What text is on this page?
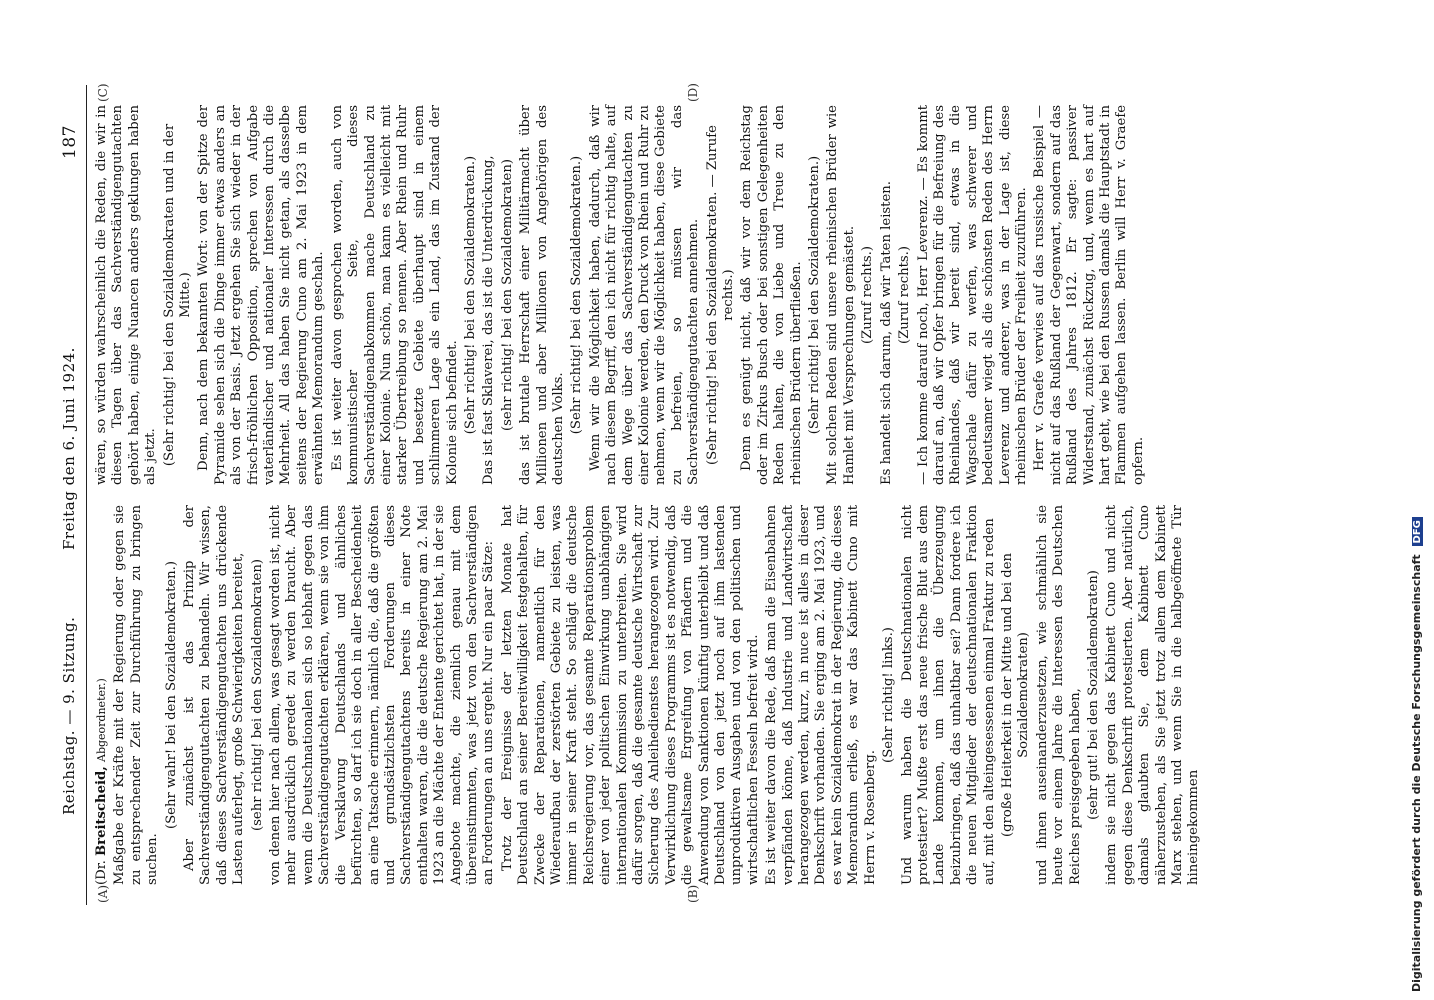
Reichstag. — 9. Sitzung.
Freitag den 6. Juni 1924.
187
(A)	(B)
(C)	(D)

(Dr. Breitscheid, Abgeordneter.) Maßgabe der Kräfte mit der Regierung oder gegen sie zu entsprechender Zeit zur Durchführung zu bringen suchen.

(Sehr wahr! bei den Sozialdemokraten.) Aber zunächst ist das Prinzip der Sachverständigengutachten zu behandeln. Wir wissen, daß dieses Sachverständigengutachten uns drückende Lasten auferlegt, große Schwierigkeiten bereitet, (sehr richtig! bei den Sozialdemokraten) von denen hier nach allem, was gesagt worden ist, nicht mehr ausdrücklich geredet zu werden braucht. Aber wenn die Deutschnationalen sich so lebhaft gegen das Sachverständigengutachten erklären, wenn sie von ihm die Versklavung Deutschlands und ähnliches befürchten, so darf ich sie doch in aller Bescheidenheit an eine Tatsache erinnern, nämlich die, daß die größten und grundsätzlichsten Forderungen dieses Sachverständigengutachtens bereits in einer Note enthalten waren, die die deutsche Regierung am 2. Mai 1923 an die Mächte der Entente gerichtet hat, in der sie Angebote machte, die ziemlich genau mit dem übereinstimmten, was jetzt von den Sachverständigen an Forderungen an uns ergeht. Nur ein paar Sätze: Trotz der Ereignisse der letzten Monate hat Deutschland an seiner Bereitwilligkeit festgehalten, für Zwecke der Reparationen, namentlich für den Wiederaufbau der zerstörten Gebiete zu leisten, was immer in seiner Kraft steht. So schlägt die deutsche Reichsregierung vor, das gesamte Reparationsproblem einer von jeder politischen Einwirkung unabhängigen internationalen Kommission zu unterbreiten. Sie wird dafür sorgen, daß die gesamte deutsche Wirtschaft zur Sicherung des Anleihedienstes herangezogen wird. Zur Verwirklichung dieses Programms ist es notwendig, daß die gewaltsame Ergreifung von Pfändern und die Anwendung von Sanktionen künftig unterbleibt und daß Deutschland von den jetzt noch auf ihm lastenden unproduktiven Ausgaben und von den politischen und wirtschaftlichen Fesseln befreit wird. Es ist weiter davon die Rede, daß man die Eisenbahnen verpfänden könne, daß Industrie und Landwirtschaft herangezogen werden, kurz, in nuce ist alles in dieser Denkschrift vorhanden. Sie erging am 2. Mai 1923, und es war kein Sozialdemokrat in der Regierung, die dieses Memorandum erließ, es war das Kabinett Cuno mit Herrn v. Rosenberg.

(Sehr richtig! links.) Und warum haben die Deutschnationalen nicht protestiert? Mußte erst das neue frische Blut aus dem Lande kommen, um ihnen die Überzeugung beizubringen, daß das unhaltbar sei? Dann fordere ich die neuen Mitglieder der deutschnationalen Fraktion auf, mit den alteingesessenen einmal Fraktur zu reden (große Heiterkeit in der Mitte und bei den Sozialdemokraten) und ihnen auseinanderzusetzen, wie schmählich sie heute vor einem Jahre die Interessen des Deutschen Reiches preisgegeben haben, (sehr gut! bei den Sozialdemokraten) indem sie nicht gegen das Kabinett Cuno und nicht gegen diese Denkschrift protestierten. Aber natürlich, damals glaubten Sie, dem Kabinett Cuno näherzustehen, als Sie jetzt trotz allem dem Kabinett Marx stehen, und wenn Sie in die halbgeöffnete Tür hineingekommen

wären, so würden wahrscheinlich die Reden, die wir in diesen Tagen über das Sachverständigengutachten gehört haben, einige Nuancen anders geklungen haben als jetzt. (Sehr richtig! bei den Sozialdemokraten und in der Mitte.) Denn, nach dem bekannten Wort: von der Spitze der Pyramide sehen sich die Dinge immer etwas anders an als von der Basis. Jetzt ergehen Sie sich wieder in der frisch-fröhlichen Opposition, sprechen von Aufgabe vaterländischer und nationaler Interessen durch die Mehrheit. All das haben Sie nicht getan, als dasselbe seitens der Regierung Cuno am 2. Mai 1923 in dem erwähnten Memorandum geschah. Es ist weiter davon gesprochen worden, auch von kommunistischer Seite, dieses Sachverständigenabkommen mache Deutschland zu einer Kolonie. Nun schön, man kann es vielleicht mit starker Übertreibung so nennen. Aber Rhein und Ruhr und besetzte Gebiete überhaupt sind in einem schlimmeren Lage als ein Land, das im Zustand der Kolonie sich befindet. (Sehr richtig! bei den Sozialdemokraten.) Das ist fast Sklaverei, das ist die Unterdrückung, (sehr richtig! bei den Sozialdemokraten) das ist brutale Herrschaft einer Militärmacht über Millionen und aber Millionen von Angehörigen des deutschen Volks. (Sehr richtig! bei den Sozialdemokraten.) Wenn wir die Möglichkeit haben, dadurch, daß wir nach diesem Begriff, den ich nicht für richtig halte, auf dem Wege über das Sachverständigengutachten zu einer Kolonie werden, den Druck von Rhein und Ruhr zu nehmen, wenn wir die Möglichkeit haben, diese Gebiete zu befreien, so müssen wir das Sachverständigengutachten annehmen. (Sehr richtig! bei den Sozialdemokraten. — Zurufe rechts.) Denn es genügt nicht, daß wir vor dem Reichstag oder im Zirkus Busch oder bei sonstigen Gelegenheiten Reden halten, die von Liebe und Treue zu den rheinischen Brüdern überfließen. (Sehr richtig! bei den Sozialdemokraten.) Mit solchen Reden sind unsere rheinischen Brüder wie Hamlet mit Versprechungen gemästet. (Zuruf rechts.) Es handelt sich darum, daß wir Taten leisten. (Zuruf rechts.) — Ich komme darauf noch, Herr Leverenz. — Es kommt darauf an, daß wir Opfer bringen für die Befreiung des Rheinlandes, daß wir bereit sind, etwas in die Wagschale dafür zu werfen, was schwerer und bedeutsamer wiegt als die schönsten Reden des Herrn Leverenz und anderer, was in der Lage ist, diese rheinischen Brüder der Freiheit zuzuführen. Herr v. Graefe verwies auf das russische Beispiel — nicht auf das Rußland der Gegenwart, sondern auf das Rußland des Jahres 1812. Er sagte: passiver Widerstand, zunächst Rückzug, und, wenn es hart auf hart geht, wie bei den Russen damals die Hauptstadt in Flammen aufgehen lassen. Berlin will Herr v. Graefe opfern.

Digitalisierung gefördert durch die Deutsche Forschungsgemeinschaft DFG
